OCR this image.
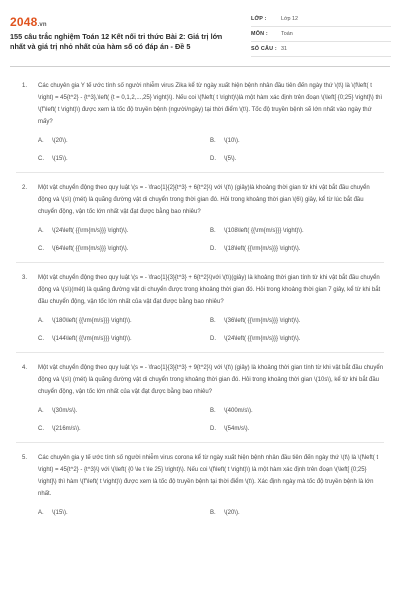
2048.vn
155 câu trắc nghiệm Toán 12 Kết nối tri thức Bài 2: Giá trị lớn nhất và giá trị nhỏ nhất của hàm số có đáp án - Đề 5
LỚP :	Lớp 12
MÔN :	Toán
SỐ CÂU : 31
1. Các chuyên gia Y tế ước tính số người nhiễm virus Zika kể từ ngày xuất hiện bệnh nhân đầu tiên đến ngày thứ \(t\) là \(f\left( t \right) = 45{t^2} - {t^3},\left( {t = 0,1,2,...,25} \right)\). Nếu coi \(f\left( t \right)\)là một hàm xác định trên đoạn \(\left[ {0;25} \right]\) thì \(f'\left( t \right)\) được xem là tốc độ truyền bệnh (người/ngày) tại thời điểm \(t\). Tốc độ truyền bệnh sẽ lớn nhất vào ngày thứ mấy?

A.	\(20\).	B.	\(10\).
C.	\(15\).	D.	\(5\).
2. Một vật chuyển động theo quy luật \(s = - \frac{1}{2}{t^3} + 6{t^2}\) với \(t\) (giây)là khoảng thời gian từ khi vật bắt đầu chuyển động và \(s\) (mét) là quãng đường vật di chuyển trong thời gian đó. Hỏi trong khoảng thời gian \(6\) giây, kể từ lúc bắt đầu chuyển động, vận tốc lớn nhất vật đạt được bằng bao nhiêu?

A.	\(24\left( {{\rm{m/s}}} \right)\).	B.	\(108\left( {{\rm{m/s}}} \right)\).
C.	\(64\left( {{\rm{m/s}}} \right)\).	D.	\(18\left( {{\rm{m/s}}} \right)\).
3. Một vật chuyển động theo quy luật \(s = - \frac{1}{3}{t^3} + 6{t^2}\)với \(t\)(giây) là khoảng thời gian tính từ khi vật bắt đầu chuyển động và \(s\)(mét) là quãng đường vật di chuyển được trong khoảng thời gian đó. Hỏi trong khoảng thời gian 7 giây, kể từ khi bắt đầu chuyển động, vận tốc lớn nhất của vật đạt được bằng bao nhiêu?

A.	\(180\left( {{\rm{m/s}}} \right)\).	B.	\(36\left( {{\rm{m/s}}} \right)\).
C.	\(144\left( {{\rm{m/s}}} \right)\).	D.	\(24\left( {{\rm{m/s}}} \right)\).
4. Một vật chuyển động theo quy luật \(s = - \frac{1}{3}{t^3} + 9{t^2}\) với \(t\) (giây) là khoảng thời gian tính từ khi vật bắt đầu chuyển động và \(s\) (mét) là quãng đường vật di chuyển trong khoảng thời gian đó. Hỏi trong khoảng thời gian \(10s\), kể từ khi bắt đầu chuyển động, vận tốc lớn nhất của vật đạt được bằng bao nhiêu?

A.	\(30m/s\).	B.	\(400m/s\).
C.	\(216m/s\).	D.	\(54m/s\).
5. Các chuyên gia y tế ước tính số người nhiễm virus corona kể từ ngày xuất hiện bệnh nhân đầu tiên đến ngày thứ \(t\) là \(f\left( t \right) = 45{t^2} - {t^3}\) với \(\left( {0 \le t \le 25} \right)\). Nếu coi \(f\left( t \right)\) là một hàm xác định trên đoạn \(\left[ {0;25} \right]\) thì hàm \(f'\left( t \right)\) được xem là tốc độ truyền bệnh tại thời điểm \(t\). Xác định ngày mà tốc độ truyền bệnh là lớn nhất.

A.	\(15\).	B.	\(20\).
